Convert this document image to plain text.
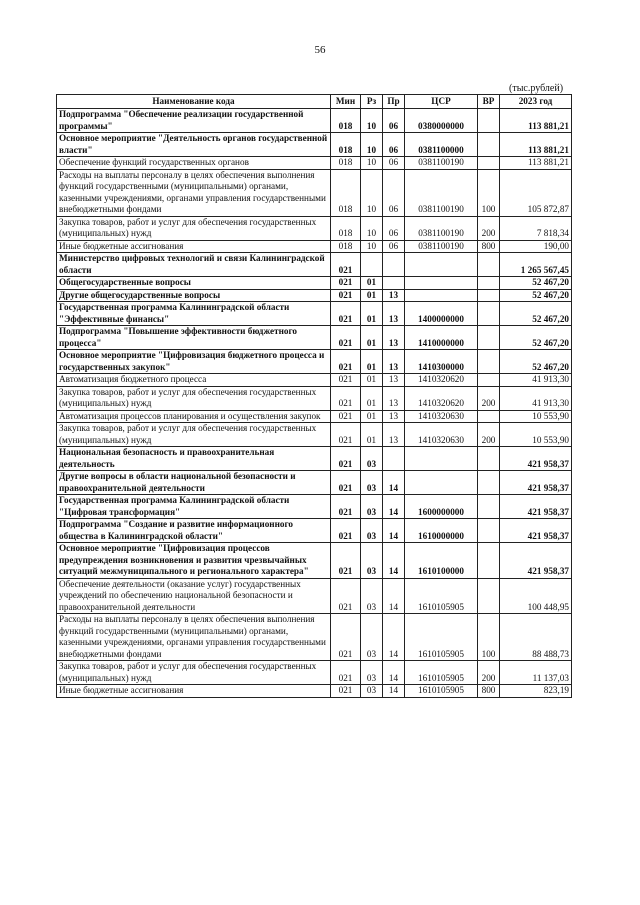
56
(тыс.рублей)
Наименование кода	Мин	Рз	Пр	ЦСР	ВР	2023 год
Подпрограмма "Обеспечение реализации государственной программы"	018	10	06	0380000000		113 881,21
Основное мероприятие "Деятельность органов государственной власти"	018	10	06	0381100000		113 881,21
Обеспечение функций государственных органов	018	10	06	0381100190		113 881,21
Расходы на выплаты персоналу в целях обеспечения выполнения функций государственными (муниципальными) органами, казенными учреждениями, органами управления государственными внебюджетными фондами	018	10	06	0381100190	100	105 872,87
Закупка товаров, работ и услуг для обеспечения государственных (муниципальных) нужд	018	10	06	0381100190	200	7 818,34
Иные бюджетные ассигнования	018	10	06	0381100190	800	190,00
Министерство цифровых технологий и связи Калининградской области	021					1 265 567,45
Общегосударственные вопросы	021	01				52 467,20
Другие общегосударственные вопросы	021	01	13			52 467,20
Государственная программа Калининградской области "Эффективные финансы"	021	01	13	1400000000		52 467,20
Подпрограмма "Повышение эффективности бюджетного процесса"	021	01	13	1410000000		52 467,20
Основное мероприятие "Цифровизация бюджетного процесса и государственных закупок"	021	01	13	1410300000		52 467,20
Автоматизация бюджетного процесса	021	01	13	1410320620		41 913,30
Закупка товаров, работ и услуг для обеспечения государственных (муниципальных) нужд	021	01	13	1410320620	200	41 913,30
Автоматизация процессов планирования и осуществления закупок	021	01	13	1410320630		10 553,90
Закупка товаров, работ и услуг для обеспечения государственных (муниципальных) нужд	021	01	13	1410320630	200	10 553,90
Национальная безопасность и правоохранительная деятельность	021	03				421 958,37
Другие вопросы в области национальной безопасности и правоохранительной деятельности	021	03	14			421 958,37
Государственная программа Калининградской области "Цифровая трансформация"	021	03	14	1600000000		421 958,37
Подпрограмма "Создание и развитие информационного общества в Калининградской области"	021	03	14	1610000000		421 958,37
Основное мероприятие "Цифровизация процессов предупреждения возникновения и развития чрезвычайных ситуаций межмуниципального и регионального характера"	021	03	14	1610100000		421 958,37
Обеспечение деятельности (оказание услуг) государственных учреждений по обеспечению национальной безопасности и правоохранительной деятельности	021	03	14	1610105905		100 448,95
Расходы на выплаты персоналу в целях обеспечения выполнения функций государственными (муниципальными) органами, казенными учреждениями, органами управления государственными внебюджетными фондами	021	03	14	1610105905	100	88 488,73
Закупка товаров, работ и услуг для обеспечения государственных (муниципальных) нужд	021	03	14	1610105905	200	11 137,03
Иные бюджетные ассигнования	021	03	14	1610105905	800	823,19
